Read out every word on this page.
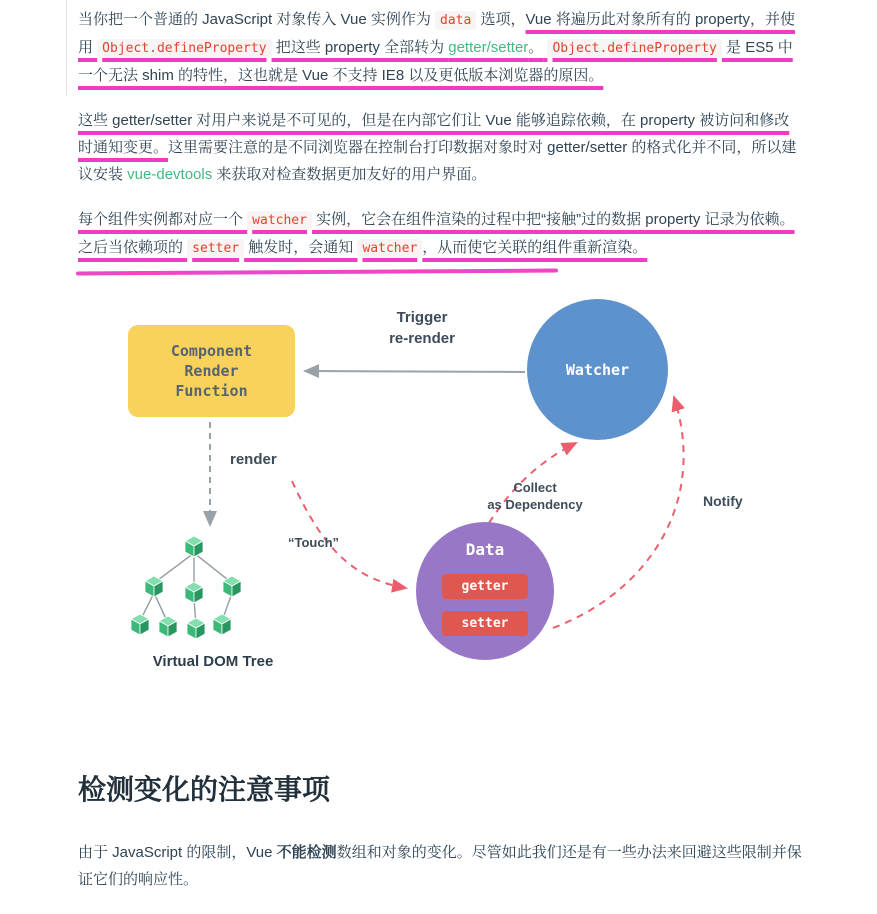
当你把一个普通的 JavaScript 对象传入 Vue 实例作为 data 选项，Vue 将遍历此对象所有的 property，并使用 Object.defineProperty 把这些 property 全部转为 getter/setter。 Object.defineProperty 是 ES5 中一个无法 shim 的特性，这也就是 Vue 不支持 IE8 以及更低版本浏览器的原因。

这些 getter/setter 对用户来说是不可见的，但是在内部它们让 Vue 能够追踪依赖，在 property 被访问和修改时通知变更。这里需要注意的是不同浏览器在控制台打印数据对象时对 getter/setter 的格式化并不同，所以建议安装 vue-devtools 来获取对检查数据更加友好的用户界面。

每个组件实例都对应一个 watcher 实例，它会在组件渲染的过程中把“接触”过的数据 property 记录为依赖。之后当依赖项的 setter 触发时，会通知 watcher ，从而使它关联的组件重新渲染。

Component
Render
Function
Watcher
Data
getter
setter
Trigger
re-render
render
“Touch”
Collect
as Dependency	Notify
Virtual DOM Tree
检测变化的注意事项

由于 JavaScript 的限制，Vue 不能检测数组和对象的变化。尽管如此我们还是有一些办法来回避这些限制并保证它们的响应性。
